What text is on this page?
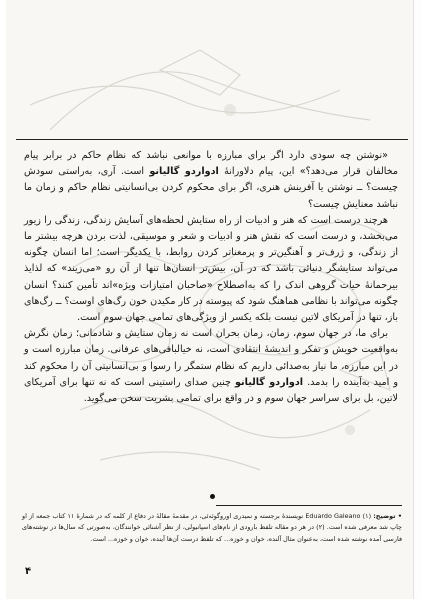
«نوشتن چه سودی دارد اگر برای مبارزه با موانعی نباشد که نظام حاکم در برابر پیام مخالفان قرار می‌دهد؟» این، پیام دلاورانهٔ ادواردو گالیانو است. آری، به‌راستی سودش چیست؟ ــ نوشتن یا آفرینش هنری، اگر برای محکوم کردن بی‌انسانیتی نظام حاکم و زمان ما نباشد معنایش چیست؟

هرچند درست است که هنر و ادبیات از راه ستایش لحظه‌های آسایش زندگی، زندگی را زیور می‌بخشد، و درست است که نقش هنر و ادبیات و شعر و موسیقی، لذت بردن هرچه بیشتر ما از زندگی، و ژرف‌تر و آهنگین‌تر و پرمعناتر کردن روابط، با یکدیگر است؛ اما انسان چگونه می‌تواند ستایشگر دنیائی باشد که در آن، بیش‌تر انسان‌ها تنها از آن رو «می‌زیند» که لذایذ بیرحمانهٔ حیات گروهی اندک را که به‌اصطلاح «صاحبان امتیازات ویژه»اند تأمین کنند؟ انسان چگونه می‌تواند با نظامی هماهنگ شود که پیوسته در کار مکیدن خون رگ‌های اوست؟ ــ رگ‌های باز، تنها در آمریکای لاتین نیست بلکه یکسر از ویژگی‌های تمامی جهان سوم است.

برای ما، در جهان سوم، زمان، زمان بحران است نه زمان ستایش و شادمانی؛ زمان نگرش به‌واقعیت خویش و تفکر و اندیشهٔ انتقادی است، نه خیالبافی‌های عرفانی. زمان مبارزه است و در این مبارزه، ما نیاز به‌صدائی داریم که نظام ستمگر را رسوا و بی‌انسانیتی آن را محکوم کند و امید به‌آینده را بدمد. ادواردو گالیانو چنین صدای راستینی است که نه تنها برای آمریکای لاتین، بل برای سراسر جهان سوم و در واقع برای تمامی بشریت سخن می‌گوید.

• توضیح: (۱) Eduardo Galeano نویسندهٔ برجسته و نمیدری اوروگوئه‌ئی، در مقدمهٔ مقالهٔ در دفاع از کلمه که در شمارهٔ ۱۱ کتاب جمعه از او چاپ شد معرفی شده است. (۲) در هر دو مقاله تلفظ بارودی از نام‌های اسپانیولی، از نظر آشنائی خوانندگان، به‌صورتی که سال‌ها در نوشته‌های فارسی آمده نوشته شده است، به‌عنوان مثال آلنده، خوان و خوزه... که تلفظ درست آن‌ها آینده، خوان و خوزه... است.
۴
